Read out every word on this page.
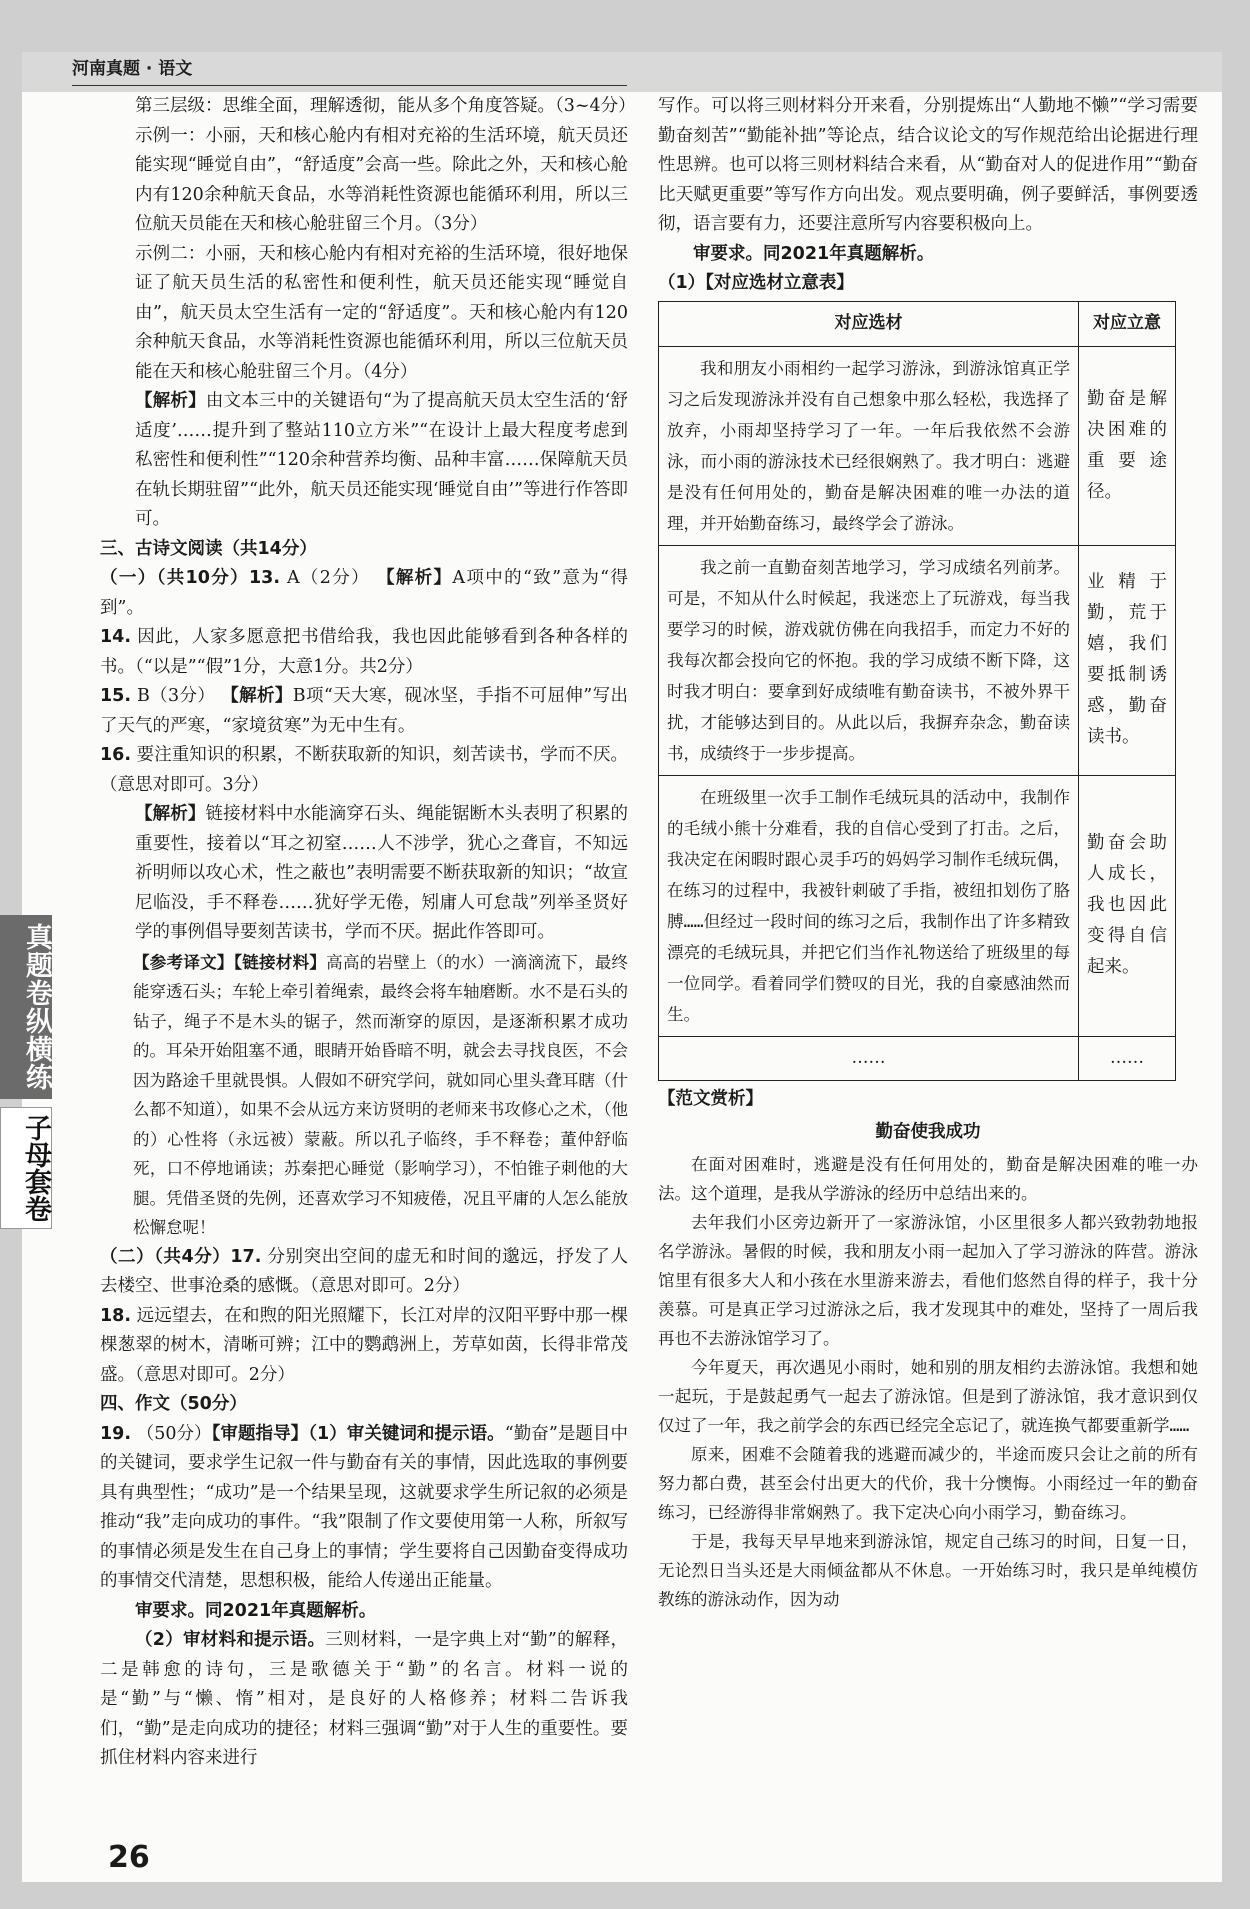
河南真题 · 语文
真题卷纵横练
子母套卷

第三层级：思维全面，理解透彻，能从多个角度答疑。（3~4分）

示例一：小丽，天和核心舱内有相对充裕的生活环境，航天员还能实现“睡觉自由”，“舒适度”会高一些。除此之外，天和核心舱内有120余种航天食品，水等消耗性资源也能循环利用，所以三位航天员能在天和核心舱驻留三个月。（3分）

示例二：小丽，天和核心舱内有相对充裕的生活环境，很好地保证了航天员生活的私密性和便利性，航天员还能实现“睡觉自由”，航天员太空生活有一定的“舒适度”。天和核心舱内有120余种航天食品，水等消耗性资源也能循环利用，所以三位航天员能在天和核心舱驻留三个月。（4分）

【解析】由文本三中的关键语句“为了提高航天员太空生活的‘舒适度’……提升到了整站110立方米”“在设计上最大程度考虑到私密性和便利性”“120余种营养均衡、品种丰富……保障航天员在轨长期驻留”“此外，航天员还能实现‘睡觉自由’”等进行作答即可。

三、古诗文阅读（共14分）

（一）（共10分）13. A（2分） 【解析】A项中的“致”意为“得到”。

14. 因此，人家多愿意把书借给我，我也因此能够看到各种各样的书。（“以是”“假”1分，大意1分。共2分）

15. B（3分） 【解析】B项“天大寒，砚冰坚，手指不可屈伸”写出了天气的严寒，“家境贫寒”为无中生有。

16. 要注重知识的积累，不断获取新的知识，刻苦读书，学而不厌。（意思对即可。3分）

【解析】链接材料中水能滴穿石头、绳能锯断木头表明了积累的重要性，接着以“耳之初窒……人不涉学，犹心之聋盲，不知远祈明师以攻心术，性之蔽也”表明需要不断获取新的知识；“故宣尼临没，手不释卷……犹好学无倦，矧庸人可怠哉”列举圣贤好学的事例倡导要刻苦读书，学而不厌。据此作答即可。

【参考译文】【链接材料】高高的岩壁上（的水）一滴滴流下，最终能穿透石头；车轮上牵引着绳索，最终会将车轴磨断。水不是石头的钻子，绳子不是木头的锯子，然而渐穿的原因，是逐渐积累才成功的。耳朵开始阻塞不通，眼睛开始昏暗不明，就会去寻找良医，不会因为路途千里就畏惧。人假如不研究学问，就如同心里头聋耳瞎（什么都不知道），如果不会从远方来访贤明的老师来书攻修心之术，（他的）心性将（永远被）蒙蔽。所以孔子临终，手不释卷；董仲舒临死，口不停地诵读；苏秦把心睡觉（影响学习），不怕锥子刺他的大腿。凭借圣贤的先例，还喜欢学习不知疲倦，况且平庸的人怎么能放松懈怠呢！

（二）（共4分）17. 分别突出空间的虚无和时间的邈远，抒发了人去楼空、世事沧桑的感慨。（意思对即可。2分）

18. 远远望去，在和煦的阳光照耀下，长江对岸的汉阳平野中那一棵棵葱翠的树木，清晰可辨；江中的鹦鹉洲上，芳草如茵，长得非常茂盛。（意思对即可。2分）

四、作文（50分）

19. （50分）【审题指导】（1）审关键词和提示语。“勤奋”是题目中的关键词，要求学生记叙一件与勤奋有关的事情，因此选取的事例要具有典型性；“成功”是一个结果呈现，这就要求学生所记叙的必须是推动“我”走向成功的事件。“我”限制了作文要使用第一人称，所叙写的事情必须是发生在自己身上的事情；学生要将自己因勤奋变得成功的事情交代清楚，思想积极，能给人传递出正能量。

审要求。同2021年真题解析。

（2）审材料和提示语。三则材料，一是字典上对“勤”的解释，二是韩愈的诗句，三是歌德关于“勤”的名言。材料一说的是“勤”与“懒、惰”相对，是良好的人格修养；材料二告诉我们，“勤”是走向成功的捷径；材料三强调“勤”对于人生的重要性。要抓住材料内容来进行

写作。可以将三则材料分开来看，分别提炼出“人勤地不懒”“学习需要勤奋刻苦”“勤能补拙”等论点，结合议论文的写作规范给出论据进行理性思辨。也可以将三则材料结合来看，从“勤奋对人的促进作用”“勤奋比天赋更重要”等写作方向出发。观点要明确，例子要鲜活，事例要透彻，语言要有力，还要注意所写内容要积极向上。

审要求。同2021年真题解析。

（1）【对应选材立意表】

对应选材	对应立意
我和朋友小雨相约一起学习游泳，到游泳馆真正学习之后发现游泳并没有自己想象中那么轻松，我选择了放弃，小雨却坚持学习了一年。一年后我依然不会游泳，而小雨的游泳技术已经很娴熟了。我才明白：逃避是没有任何用处的，勤奋是解决困难的唯一办法的道理，并开始勤奋练习，最终学会了游泳。	勤奋是解决困难的重要途径。
我之前一直勤奋刻苦地学习，学习成绩名列前茅。可是，不知从什么时候起，我迷恋上了玩游戏，每当我要学习的时候，游戏就仿佛在向我招手，而定力不好的我每次都会投向它的怀抱。我的学习成绩不断下降，这时我才明白：要拿到好成绩唯有勤奋读书，不被外界干扰，才能够达到目的。从此以后，我摒弃杂念，勤奋读书，成绩终于一步步提高。	业精于勤，荒于嬉，我们要抵制诱惑，勤奋读书。
在班级里一次手工制作毛绒玩具的活动中，我制作的毛绒小熊十分难看，我的自信心受到了打击。之后，我决定在闲暇时跟心灵手巧的妈妈学习制作毛绒玩偶，在练习的过程中，我被针刺破了手指，被纽扣划伤了胳膊……但经过一段时间的练习之后，我制作出了许多精致漂亮的毛绒玩具，并把它们当作礼物送给了班级里的每一位同学。看着同学们赞叹的目光，我的自豪感油然而生。	勤奋会助人成长，我也因此变得自信起来。
……	……

【范文赏析】

勤奋使我成功

在面对困难时，逃避是没有任何用处的，勤奋是解决困难的唯一办法。这个道理，是我从学游泳的经历中总结出来的。

去年我们小区旁边新开了一家游泳馆，小区里很多人都兴致勃勃地报名学游泳。暑假的时候，我和朋友小雨一起加入了学习游泳的阵营。游泳馆里有很多大人和小孩在水里游来游去，看他们悠然自得的样子，我十分羡慕。可是真正学习过游泳之后，我才发现其中的难处，坚持了一周后我再也不去游泳馆学习了。

今年夏天，再次遇见小雨时，她和别的朋友相约去游泳馆。我想和她一起玩，于是鼓起勇气一起去了游泳馆。但是到了游泳馆，我才意识到仅仅过了一年，我之前学会的东西已经完全忘记了，就连换气都要重新学……

原来，困难不会随着我的逃避而减少的，半途而废只会让之前的所有努力都白费，甚至会付出更大的代价，我十分懊悔。小雨经过一年的勤奋练习，已经游得非常娴熟了。我下定决心向小雨学习，勤奋练习。

于是，我每天早早地来到游泳馆，规定自己练习的时间，日复一日，无论烈日当头还是大雨倾盆都从不休息。一开始练习时，我只是单纯模仿教练的游泳动作，因为动

26
